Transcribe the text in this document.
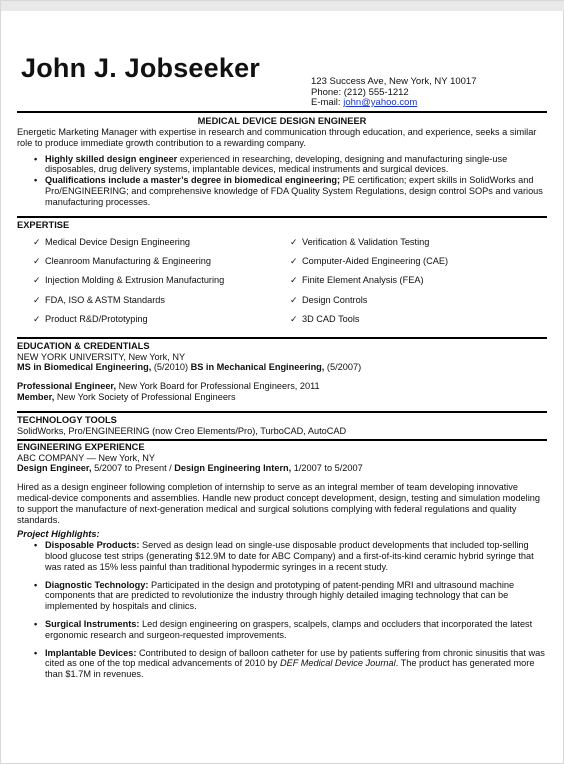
John J. Jobseeker	123 Success Ave, New York, NY 10017
Phone: (212) 555-1212
E-mail: john@yahoo.com
MEDICAL DEVICE DESIGN ENGINEER

Energetic Marketing Manager with expertise in research and communication through education, and experience, seeks a similar role to produce immediate growth contribution to a rewarding company.

• Highly skilled design engineer experienced in researching, developing, designing and manufacturing single-use disposables, drug delivery systems, implantable devices, medical instruments and surgical devices.
• Qualifications include a master’s degree in biomedical engineering; PE certification; expert skills in SolidWorks and Pro/ENGINEERING; and comprehensive knowledge of FDA Quality System Regulations, design control SOPs and various manufacturing processes.
EXPERTISE
✓ Medical Device Design Engineering
✓ Cleanroom Manufacturing & Engineering
✓ Injection Molding & Extrusion Manufacturing
✓ FDA, ISO & ASTM Standards
✓ Product R&D/Prototyping
✓ Verification & Validation Testing
✓ Computer-Aided Engineering (CAE)
✓ Finite Element Analysis (FEA)
✓ Design Controls
✓ 3D CAD Tools
EDUCATION & CREDENTIALS

NEW YORK UNIVERSITY, New York, NY

MS in Biomedical Engineering, (5/2010) BS in Mechanical Engineering, (5/2007)

Professional Engineer, New York Board for Professional Engineers, 2011

Member, New York Society of Professional Engineers

TECHNOLOGY TOOLS

SolidWorks, Pro/ENGINEERING (now Creo Elements/Pro), TurboCAD, AutoCAD

ENGINEERING EXPERIENCE

ABC COMPANY — New York, NY

Design Engineer, 5/2007 to Present / Design Engineering Intern, 1/2007 to 5/2007

Hired as a design engineer following completion of internship to serve as an integral member of team developing innovative medical-device components and assemblies. Handle new product concept development, design, testing and simulation modeling to support the manufacture of next-generation medical and surgical solutions complying with federal regulations and quality standards.

Project Highlights:
• Disposable Products: Served as design lead on single-use disposable product developments that included top-selling blood glucose test strips (generating $12.9M to date for ABC Company) and a first-of-its-kind ceramic hybrid syringe that was rated as 15% less painful than traditional hypodermic syringes in a recent study.
• Diagnostic Technology: Participated in the design and prototyping of patent-pending MRI and ultrasound machine components that are predicted to revolutionize the industry through highly detailed imaging technology that can be implemented by hospitals and clinics.
• Surgical Instruments: Led design engineering on graspers, scalpels, clamps and occluders that incorporated the latest ergonomic research and surgeon-requested improvements.
• Implantable Devices: Contributed to design of balloon catheter for use by patients suffering from chronic sinusitis that was cited as one of the top medical advancements of 2010 by DEF Medical Device Journal. The product has generated more than $1.7M in revenues.
